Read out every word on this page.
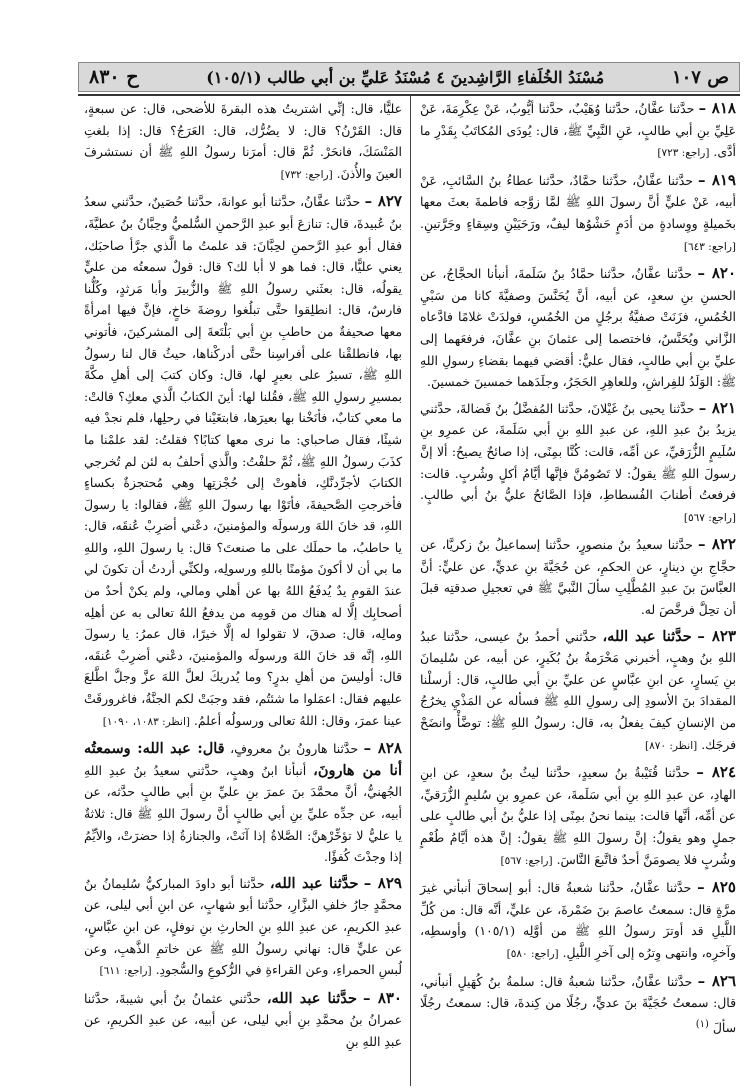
ح ٨٣٠	مُسْنَدُ الخُلَفاءِ الرَّاشِدينَ ٤ مُسْنَدُ عَليِّ بن أبي طالب (١٠٥/١)	ص ١٠٧

٨١٨ – حدَّثنا عفَّانُ، حدَّثنا وُهَيْبٌ، حدَّثنا أيُّوبُ، عَنْ عِكْرِمَةَ، عَنْ عَلِيِّ بنِ أبي طالبٍ، عَنِ النَّبِيِّ ﷺ، قال: يُودَى المُكاتَبُ بِقَدْرِ ما أدَّى. [راجع: ٧٢٣]

٨١٩ – حدَّثنا عفَّانُ، حدَّثنا حمَّادٌ، حدَّثنا عطاءُ بنُ السَّائبِ، عَنْ أبيه، عَنْ عليٍّ أنَّ رسولَ اللهِ ﷺ لمَّا زوَّجه فاطمةَ بعثَ معها بخَميلةٍ ووِسادةٍ من أدَمٍ حَشْوُها ليفٌ، ورَحَيَيْنِ وسِقاءٍ وجَرَّتينِ. [راجع: ٦٤٣]

٨٢٠ – حدَّثنا عفَّانُ، حدَّثنا حمَّادُ بنُ سَلَمةَ، أنبأنا الحجَّاجُ، عن الحسنِ بنِ سعدٍ، عن أبيه، أنَّ يُحَنَّسَ وصفيَّةَ كانا من سَبْيِ الخُمُسِ، فزَنَتْ صفيَّةُ برجُلٍ من الخُمُسِ، فولدَتْ غلامًا فادَّعاه الزَّاني ويُحَنَّسُ، فاختصما إلى عثمانَ بنِ عفَّانَ، فرفعَهما إلى عليِّ بنِ أبي طالبٍ، فقال عليٌّ: أقضي فيهما بقضاءِ رسولِ اللهِ ﷺ: الوَلَدُ للفِراشِ، وللعاهِرِ الحَجَرُ، وجلَدَهما خمسينَ خمسينَ.

٨٢١ – حدَّثنا يحيى بنُ غَيْلانَ، حدَّثنا المُفضَّلُ بنُ فَضالةَ، حدَّثني يزيدُ بنُ عبدِ اللهِ، عن عبدِ اللهِ بنِ أبي سَلَمةَ، عن عمرِو بنِ سُلَيمٍ الزُّرَقيِّ، عن أمِّه، قالت: كُنَّا بمِنًى، إذا صائحٌ يصيحُ: ألا إنَّ رسولَ اللهِ ﷺ يقولُ: لا تَصُومُنَّ فإنَّها أيَّامُ أكلٍ وشُربٍ. قالت: فرفعتُ أطنابَ الفُسطاطِ، فإذا الصَّائحُ عليُّ بنُ أبي طالبٍ. [راجع: ٥٦٧]

٨٢٢ – حدَّثنا سعيدُ بنُ منصورٍ، حدَّثنا إسماعيلُ بنُ زكريَّا، عن حجَّاجِ بنِ دينارٍ، عن الحكمِ، عن حُجَيَّةَ بنِ عديٍّ، عن عليٍّ: أنَّ العبَّاسَ بنَ عبدِ المُطَّلِبِ سألَ النَّبيَّ ﷺ في تعجيلِ صدقتِه قبلَ أن تحِلَّ فرخَّصَ له.

٨٢٣ – حدَّثنا عبد الله، حدَّثني أحمدُ بنُ عيسى، حدَّثنا عبدُ اللهِ بنُ وهبٍ، أخبرني مَخْرَمةُ بنُ بُكَيرٍ، عن أبيه، عن سُليمانَ بنِ يَسارٍ، عن ابنِ عبَّاسٍ عن عليِّ بنِ أبي طالبٍ، قال: أرسلْنا المقدادَ بنَ الأسودِ إلى رسولِ اللهِ ﷺ فسأله عن المَذْيِ يخرُجُ من الإنسانِ كيفَ يفعلُ به، قال: رسولُ اللهِ ﷺ: توضَّأْ وانضَحْ فرجَك. [انظر: ٨٧٠]

٨٢٤ – حدَّثنا قُتَيْبةُ بنُ سعيدٍ، حدَّثنا ليثُ بنُ سعدٍ، عن ابنِ الهادِ، عن عبدِ اللهِ بنِ أبي سَلَمةَ، عن عمرِو بنِ سُليمٍ الزُّرَقيِّ، عن أمِّه، أنَّها قالت: بينما نحنُ بمِنًى إذا عليُّ بنُ أبي طالبٍ على جملٍ وهو يقولُ: إنَّ رسولَ اللهِ ﷺ يقولُ: إنَّ هذه أيَّامُ طُعْمٍ وشُربٍ فلا يصومَنَّ أحدٌ فاتَّبعَ النَّاسَ. [راجع: ٥٦٧]

٨٢٥ – حدَّثنا عفَّانُ، حدَّثنا شعبةُ قال: أبو إسحاقَ أنبأني غيرَ مرَّةٍ قال: سمعتُ عاصمَ بنَ ضَمْرةَ، عن عليٍّ، أنَّه قال: من كُلِّ اللَّيلِ قد أوترَ رسولُ اللهِ ﷺ من أوَّلِه (١٠٥/١) وأوسطِه، وآخرِه، وانتهى وِترُه إلى آخرِ اللَّيلِ. [راجع: ٥٨٠]

٨٢٦ – حدَّثنا عفَّانُ، حدَّثنا شعبةُ قال: سلمةُ بنُ كُهَيلٍ أنبأني، قال: سمعتُ حُجَيَّةَ بنَ عديٍّ، رجُلًا من كِندةَ، قال: سمعتُ رجُلًا سألَ $^{(١)}$

عليًّا، قال: إنِّي اشتريتُ هذه البقرةَ للأضحى، قال: عن سبعةٍ، قال: القَرْنُ؟ قال: لا يضُرُّك، قال: العَرَجُ؟ قال: إذا بلغتِ المَنْسَكَ، فانحَرْ. ثُمَّ قال: أمرَنا رسولُ اللهِ ﷺ أن نستشرفَ العينَ والأُذنَ. [راجع: ٧٣٢]

٨٢٧ – حدَّثنا عفَّانُ، حدَّثنا أبو عوانةَ، حدَّثنا حُصَينٌ، حدَّثني سعدُ بنُ عُبيدةَ، قال: تنازعَ أبو عبدِ الرَّحمنِ السُّلميُّ وحِبَّانُ بنُ عطيَّةَ، فقال أبو عبدِ الرَّحمنِ لحِبَّانَ: قد علمتُ ما الَّذي جرَّأ صاحبَك، يعني عليًّا، قال: فما هو لا أبا لك؟ قال: قولٌ سمعتُه من عليٍّ يقولُه، قال: بعثَني رسولُ اللهِ ﷺ والزُّبيرَ وأبا مَرثدٍ، وكُلُّنا فارسٌ، قال: انطلِقوا حتَّى تبلُغوا روضةَ خاخٍ، فإنَّ فيها امرأةً معها صحيفةٌ من حاطبِ بنِ أبي بَلْتَعةَ إلى المشركينَ، فأتوني بها، فانطلقْنا على أفراسِنا حتَّى أدركْناها، حيثُ قال لنا رسولُ اللهِ ﷺ، تسيرُ على بعيرٍ لها، قال: وكان كتبَ إلى أهلِ مكَّةَ بمسيرِ رسولِ اللهِ ﷺ، فقُلنا لها: أينَ الكتابُ الَّذي معكِ؟ قالتْ: ما معي كتابٌ، فأنَخْنا بها بعيرَها، فابتغَيْنا في رحلِها، فلم نجدْ فيه شيئًا، فقال صاحباي: ما نرى معها كتابًا؟ فقلتُ: لقد علمْنا ما كذَبَ رسولُ اللهِ ﷺ، ثُمَّ حلفْتُ: والَّذي أحلفُ به لئن لم تُخرجي الكتابَ لأجرِّدنَّكِ، فأهوتْ إلى حُجْزتِها وهي مُحتجزةٌ بكساءٍ فأخرجتِ الصَّحيفةَ، فأتَوْا بها رسولَ اللهِ ﷺ، فقالوا: يا رسولَ اللهِ، قد خانَ اللهَ ورسولَه والمؤمنينَ، دعْني أضرِبْ عُنقَه، قال: يا حاطبُ، ما حملَك على ما صنعتَ؟ قال: يا رسولَ اللهِ، واللهِ ما بي أن لا أكونَ مؤمنًا باللهِ ورسولِه، ولكنِّي أردتُ أن تكونَ لي عندَ القومِ يدٌ يُدفَعُ اللهُ بها عن أهلي ومالي، ولم يكنْ أحدٌ من أصحابِك إلَّا له هناك من قومِه من يدفعُ اللهُ تعالى به عن أهلِه ومالِه، قال: صدقَ، لا تقولوا له إلَّا خيرًا، قال عمرُ: يا رسولَ اللهِ، إنَّه قد خانَ اللهَ ورسولَه والمؤمنينَ، دعْني أضرِبْ عُنقَه، قال: أوليسَ من أهلِ بدرٍ؟ وما يُدريكَ لعلَّ اللهَ عزَّ وجلَّ اطَّلعَ عليهم فقال: اعمَلوا ما شئتُم، فقد وجبَتْ لكم الجنَّةُ، فاغرورقَتْ عينا عمرَ، وقال: اللهُ تعالى ورسولُه أعلمُ. [انظر: ١٠٨٣، ١٠٩٠]

٨٢٨ – حدَّثنا هارونُ بنُ معروفٍ، قال: عبد الله: وسمعتُه أنا من هارونَ، أنبأنا ابنُ وهبٍ، حدَّثني سعيدُ بنُ عبدِ اللهِ الجُهنيُّ، أنَّ محمَّدَ بنَ عمرَ بنِ عليِّ بنِ أبي طالبٍ حدَّثه، عن أبيه، عن جدِّه عليِّ بنِ أبي طالبٍ أنَّ رسولَ اللهِ ﷺ قال: ثلاثةٌ يا عليُّ لا تؤخِّرْهنَّ: الصَّلاةُ إذا آنَتْ، والجنازةُ إذا حضرَتْ، والأيِّمُ إذا وجدْتَ كُفؤًا.

٨٢٩ – حدَّثنا عبد الله، حدَّثنا أبو داودَ المباركيُّ سُليمانُ بنُ محمَّدٍ جارُ خلفِ البزَّارِ، حدَّثنا أبو شهابٍ، عن ابنِ أبي ليلى، عن عبدِ الكريمِ، عن عبدِ اللهِ بنِ الحارثِ بنِ نوفلٍ، عن ابنِ عبَّاسٍ، عن عليٍّ قال: نهاني رسولُ اللهِ ﷺ عن خاتمِ الذَّهبِ، وعن لُبسِ الحمراءِ، وعن القراءةِ في الرُّكوعِ والسُّجودِ. [راجع: ٦١١]

٨٣٠ – حدَّثنا عبد الله، حدَّثني عثمانُ بنُ أبي شيبةَ، حدَّثنا عمرانُ بنُ محمَّدِ بنِ أبي ليلى، عن أبيه، عن عبدِ الكريمِ، عن عبدِ اللهِ بنِ
